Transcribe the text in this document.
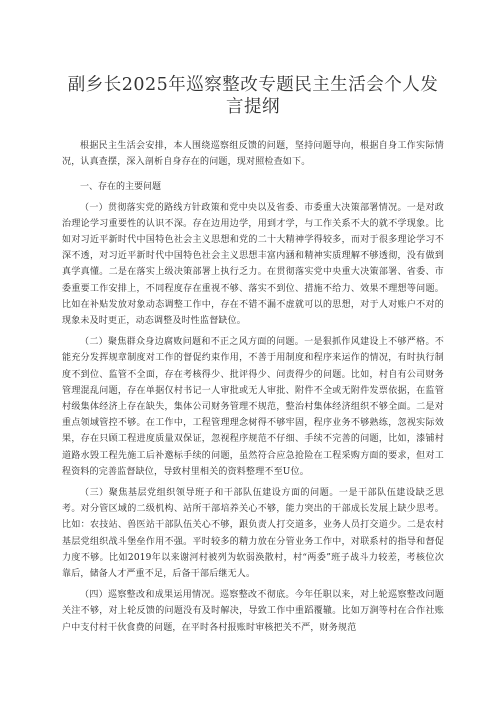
副乡长2025年巡察整改专题民主生活会个人发言提纲

根据民主生活会安排，本人围绕巡察组反馈的问题，坚持问题导向，根据自身工作实际情况，认真查摆，深入剖析自身存在的问题，现对照检查如下。

一、存在的主要问题

（一）贯彻落实党的路线方针政策和党中央以及省委、市委重大决策部署情况。一是对政治理论学习重要性的认识不深。存在边用边学，用到才学，与工作关系不大的就不学现象。比如对习近平新时代中国特色社会主义思想和党的二十大精神学得较多，而对于很多理论学习不深不透，对习近平新时代中国特色社会主义思想丰富内涵和精神实质理解不够透彻，没有做到真学真懂。二是在落实上级决策部署上执行乏力。在贯彻落实党中央重大决策部署、省委、市委重要工作安排上，不同程度存在重视不够、落实不到位、措施不给力、效果不理想等问题。比如在补贴发放对象动态调整工作中，存在不错不漏不虚就可以的思想，对于人对账户不对的现象未及时更正，动态调整及时性监督缺位。

（二）聚焦群众身边腐败问题和不正之风方面的问题。一是狠抓作风建设上不够严格。不能充分发挥规章制度对工作的督促约束作用，不善于用制度和程序来运作的情况，有时执行制度不到位、监管不全面，存在考核得少、批评得少、问责得少的问题。比如，村自有公司财务管理混乱问题，存在单据仅村书记一人审批或无人审批、附件不全或无附件发票依据，在监管村级集体经济上存在缺失，集体公司财务管理不规范，整治村集体经济组织不够全面。二是对重点领域管控不够。在工作中，工程管理理念树得不够牢固，程序业务不够熟练，忽视实际效果，存在只顾工程进度质量双保证，忽视程序规范不仔细、手续不完善的问题，比如，漆铺村道路水毁工程先施工后补邀标手续的问题，虽然符合应急抢险在工程采购方面的要求，但对工程资料的完善监督缺位，导致村里相关的资料整理不至U位。

（三）聚焦基层党组织领导班子和干部队伍建设方面的问题。一是干部队伍建设缺乏思考。对分管区域的二级机构、站所干部培养关心不够，能力突出的干部成长发展上缺少思考。比如：农技站、兽医站干部队伍关心不够，跟负责人打交道多，业务人员打交道少。二是农村基层党组织战斗堡垒作用不强。平时较多的精力放在分管业务工作中，对联系村的指导和督促力度不够。比如2019年以来谢河村被列为软弱涣散村，村“两委”班子战斗力较差，考核位次靠后，储备人才严重不足，后备干部后继无人。

（四）巡察整改和成果运用情况。巡察整改不彻底。今年任职以来，对上轮巡察整改问题关注不够，对上轮反馈的问题没有及时解决，导致工作中重蹈覆辙。比如万涧等村在合作社账户中支付村干伙食费的问题，在平时各村报账时审核把关不严，财务规范
